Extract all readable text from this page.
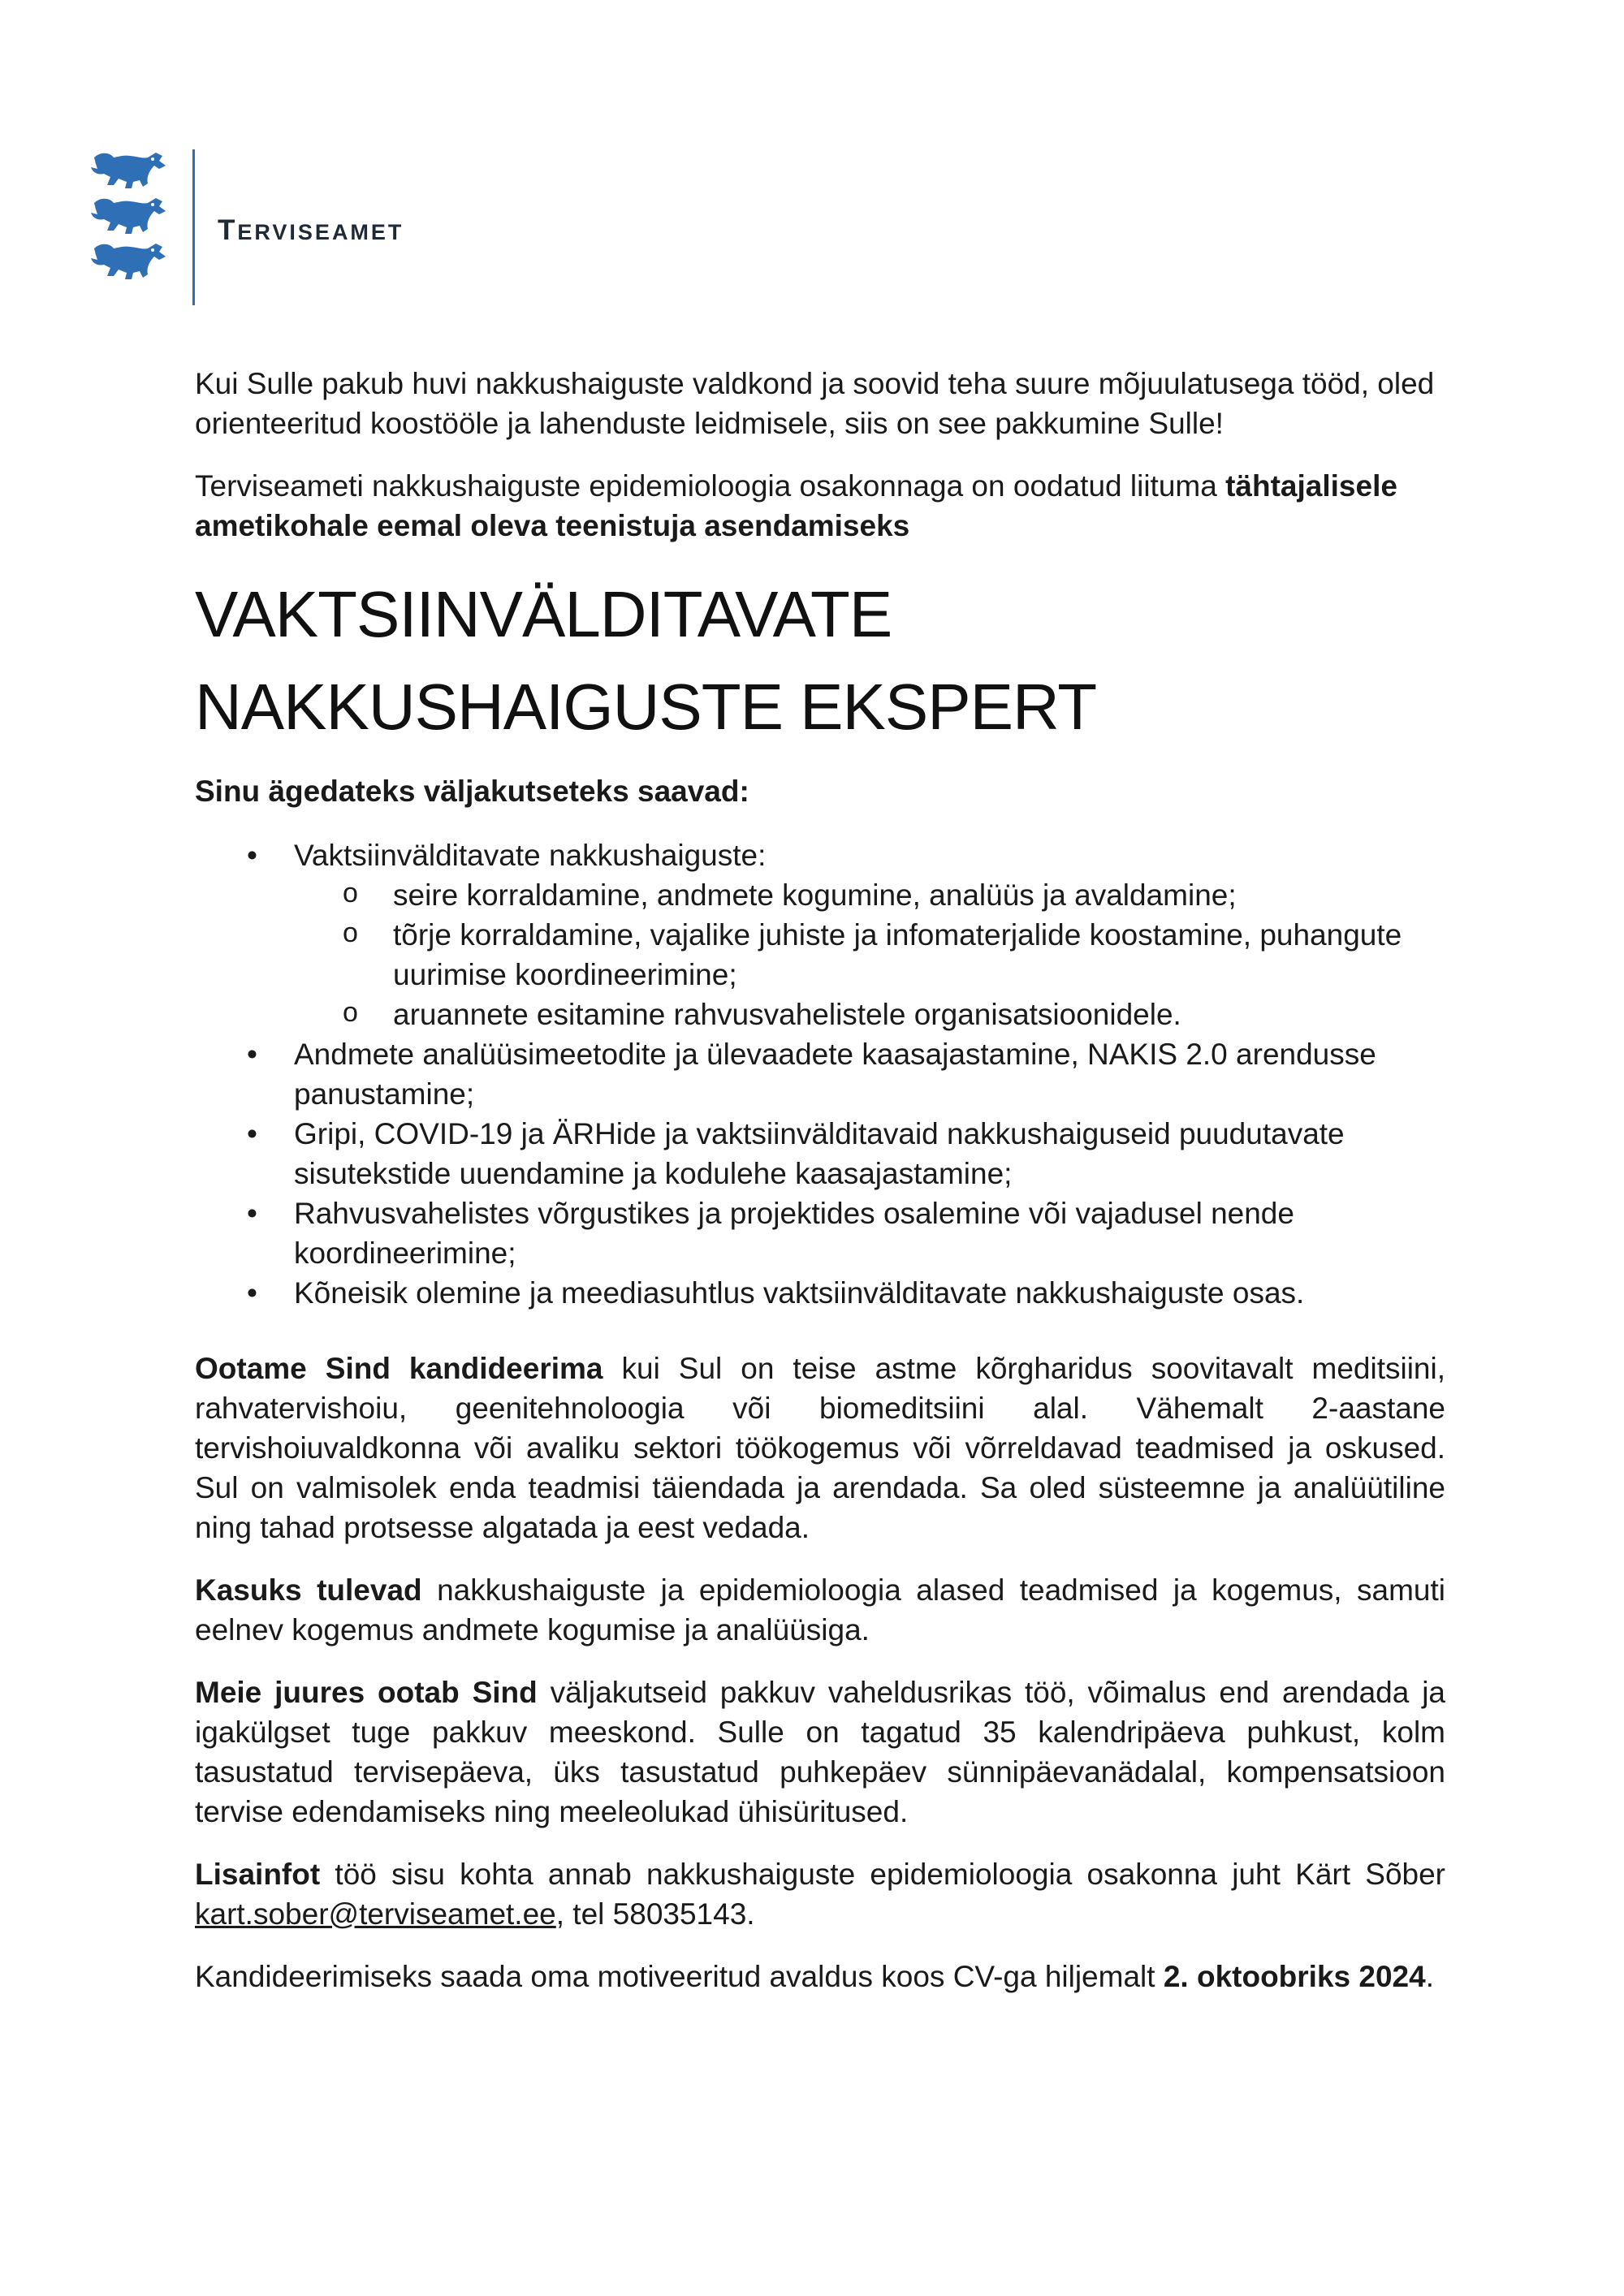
TERVISEAMET

Kui Sulle pakub huvi nakkushaiguste valdkond ja soovid teha suure mõjuulatusega tööd, oled orienteeritud koostööle ja lahenduste leidmisele, siis on see pakkumine Sulle!

Terviseameti nakkushaiguste epidemioloogia osakonnaga on oodatud liituma tähtajalisele ametikohale eemal oleva teenistuja asendamiseks

VAKTSIINVÄLDITAVATE
NAKKUSHAIGUSTE EKSPERT

Sinu ägedateks väljakutseteks saavad:

• Vaktsiinvälditavate nakkushaiguste:
o seire korraldamine, andmete kogumine, analüüs ja avaldamine;
o tõrje korraldamine, vajalike juhiste ja infomaterjalide koostamine, puhangute uurimise koordineerimine;
o aruannete esitamine rahvusvahelistele organisatsioonidele.
• Andmete analüüsimeetodite ja ülevaadete kaasajastamine, NAKIS 2.0 arendusse panustamine;
• Gripi, COVID-19 ja ÄRHide ja vaktsiinvälditavaid nakkushaiguseid puudutavate sisutekstide uuendamine ja kodulehe kaasajastamine;
• Rahvusvahelistes võrgustikes ja projektides osalemine või vajadusel nende koordineerimine;
• Kõneisik olemine ja meediasuhtlus vaktsiinvälditavate nakkushaiguste osas.

Ootame Sind kandideerima kui Sul on teise astme kõrgharidus soovitavalt meditsiini, rahvatervishoiu, geenitehnoloogia või biomeditsiini alal. Vähemalt 2-aastane tervishoiuvaldkonna või avaliku sektori töökogemus või võrreldavad teadmised ja oskused. Sul on valmisolek enda teadmisi täiendada ja arendada. Sa oled süsteemne ja analüütiline ning tahad protsesse algatada ja eest vedada.

Kasuks tulevad nakkushaiguste ja epidemioloogia alased teadmised ja kogemus, samuti eelnev kogemus andmete kogumise ja analüüsiga.

Meie juures ootab Sind väljakutseid pakkuv vaheldusrikas töö, võimalus end arendada ja igakülgset tuge pakkuv meeskond. Sulle on tagatud 35 kalendripäeva puhkust, kolm tasustatud tervisepäeva, üks tasustatud puhkepäev sünnipäevanädalal, kompensatsioon tervise edendamiseks ning meeleolukad ühisüritused.

Lisainfot töö sisu kohta annab nakkushaiguste epidemioloogia osakonna juht Kärt Sõber kart.sober@terviseamet.ee, tel 58035143.

Kandideerimiseks saada oma motiveeritud avaldus koos CV-ga hiljemalt 2. oktoobriks 2024.
